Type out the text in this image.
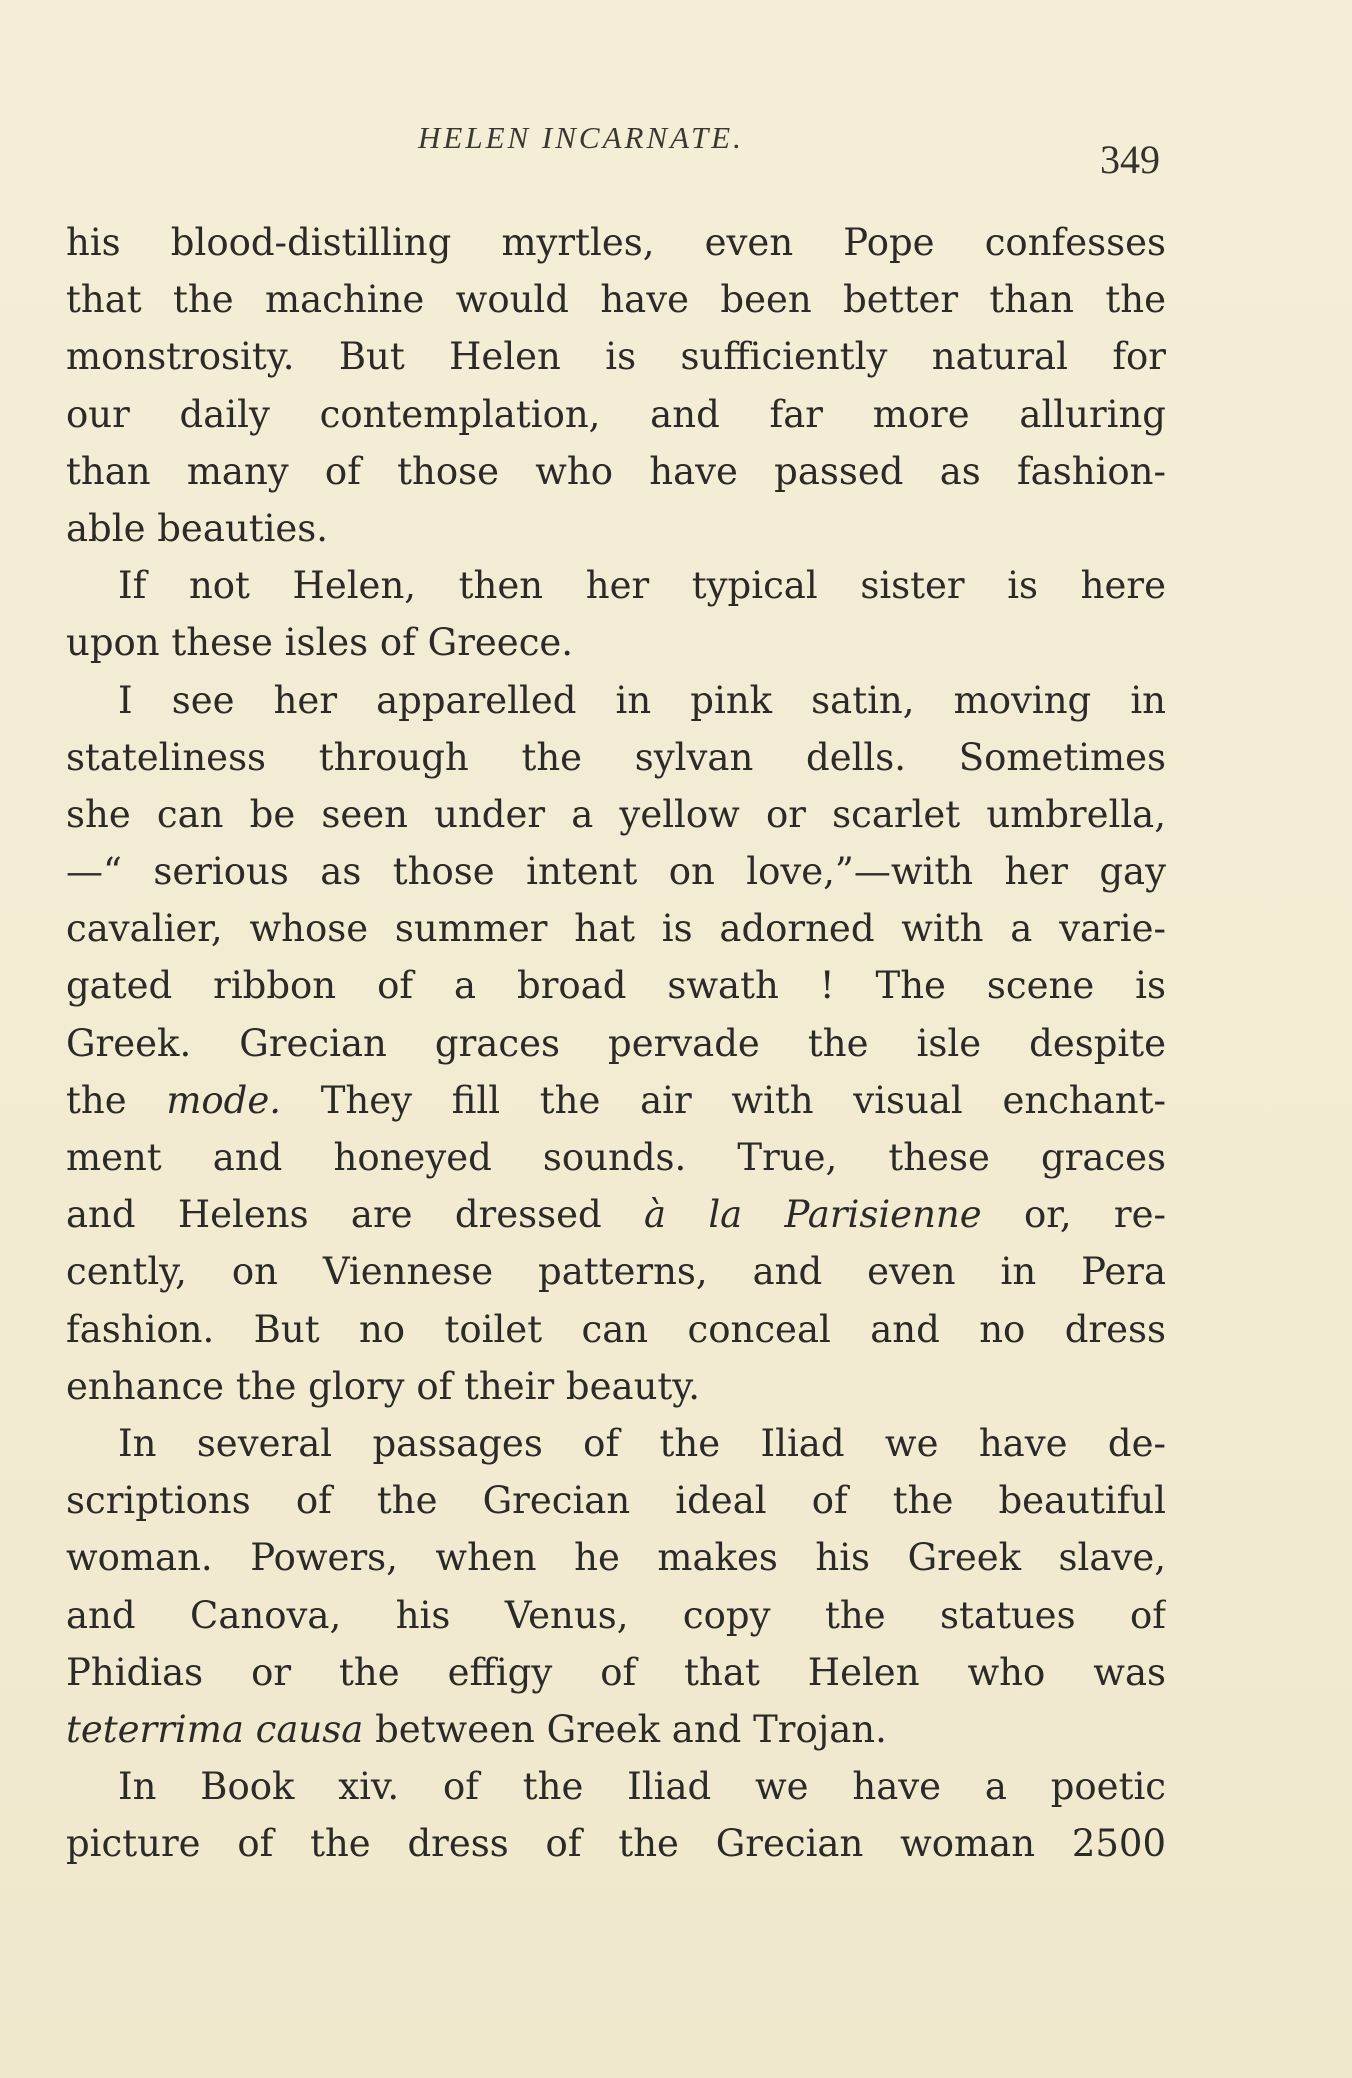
HELEN INCARNATE.	349
his blood-distilling myrtles, even Pope confesses
that the machine would have been better than the
monstrosity. But Helen is sufficiently natural for
our daily contemplation, and far more alluring
than many of those who have passed as fashion-
able beauties.
If not Helen, then her typical sister is here
upon these isles of Greece.
I see her apparelled in pink satin, moving in
stateliness through the sylvan dells. Sometimes
she can be seen under a yellow or scarlet umbrella,
—“ serious as those intent on love,”—with her gay
cavalier, whose summer hat is adorned with a varie-
gated ribbon of a broad swath ! The scene is
Greek. Grecian graces pervade the isle despite
the mode. They fill the air with visual enchant-
ment and honeyed sounds. True, these graces
and Helens are dressed à la Parisienne or, re-
cently, on Viennese patterns, and even in Pera
fashion. But no toilet can conceal and no dress
enhance the glory of their beauty.
In several passages of the Iliad we have de-
scriptions of the Grecian ideal of the beautiful
woman. Powers, when he makes his Greek slave,
and Canova, his Venus, copy the statues of
Phidias or the effigy of that Helen who was
teterrima causa between Greek and Trojan.
In Book xiv. of the Iliad we have a poetic
picture of the dress of the Grecian woman 2500
